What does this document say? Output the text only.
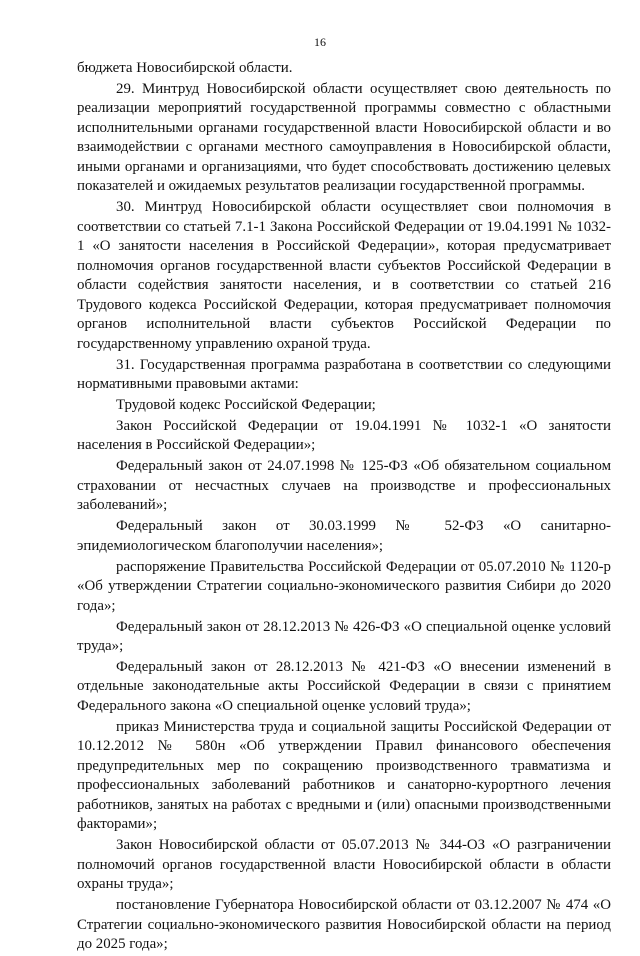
16

бюджета Новосибирской области.

29. Минтруд Новосибирской области осуществляет свою деятельность по реализации мероприятий государственной программы совместно с областными исполнительными органами государственной власти Новосибирской области и во взаимодействии с органами местного самоуправления в Новосибирской области, иными органами и организациями, что будет способствовать достижению целевых показателей и ожидаемых результатов реализации государственной программы.

30. Минтруд Новосибирской области осуществляет свои полномочия в соответствии со статьей 7.1-1 Закона Российской Федерации от 19.04.1991 № 1032-1 «О занятости населения в Российской Федерации», которая предусматривает полномочия органов государственной власти субъектов Российской Федерации в области содействия занятости населения, и в соответствии со статьей 216 Трудового кодекса Российской Федерации, которая предусматривает полномочия органов исполнительной власти субъектов Российской Федерации по государственному управлению охраной труда.

31. Государственная программа разработана в соответствии со следующими нормативными правовыми актами:

Трудовой кодекс Российской Федерации;

Закон Российской Федерации от 19.04.1991 № 1032-1 «О занятости населения в Российской Федерации»;

Федеральный закон от 24.07.1998 № 125-ФЗ «Об обязательном социальном страховании от несчастных случаев на производстве и профессиональных заболеваний»;

Федеральный закон от 30.03.1999 № 52-ФЗ «О санитарно-эпидемиологическом благополучии населения»;

распоряжение Правительства Российской Федерации от 05.07.2010 № 1120-р «Об утверждении Стратегии социально-экономического развития Сибири до 2020 года»;

Федеральный закон от 28.12.2013 № 426-ФЗ «О специальной оценке условий труда»;

Федеральный закон от 28.12.2013 № 421-ФЗ «О внесении изменений в отдельные законодательные акты Российской Федерации в связи с принятием Федерального закона «О специальной оценке условий труда»;

приказ Министерства труда и социальной защиты Российской Федерации от 10.12.2012 № 580н «Об утверждении Правил финансового обеспечения предупредительных мер по сокращению производственного травматизма и профессиональных заболеваний работников и санаторно-курортного лечения работников, занятых на работах с вредными и (или) опасными производственными факторами»;

Закон Новосибирской области от 05.07.2013 № 344-ОЗ «О разграничении полномочий органов государственной власти Новосибирской области в области охраны труда»;

постановление Губернатора Новосибирской области от 03.12.2007 № 474 «О Стратегии социально-экономического развития Новосибирской области на период до 2025 года»;
